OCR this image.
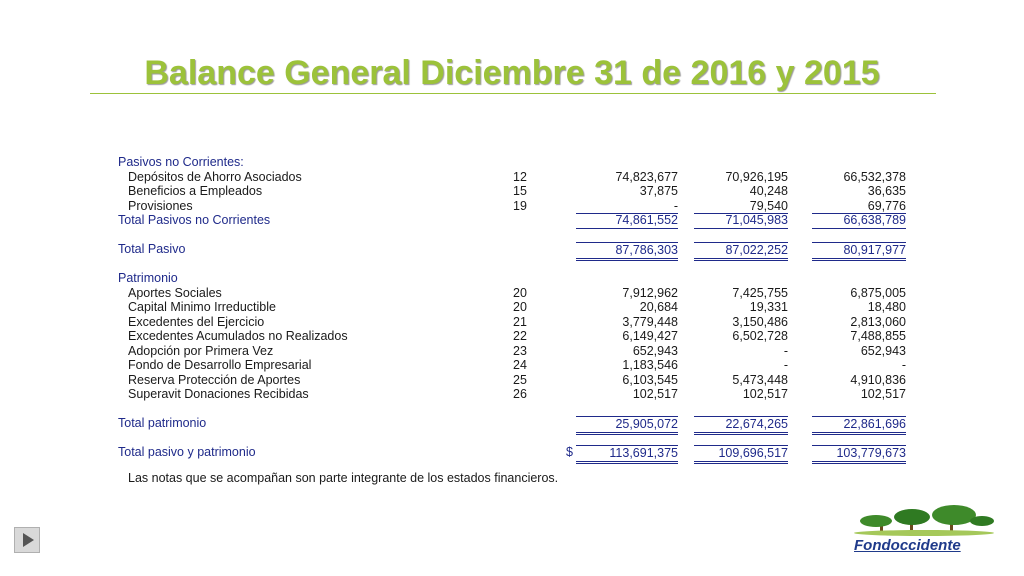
Balance General Diciembre 31 de 2016 y 2015
Pasivos no Corrientes:
Depósitos de Ahorro Asociados	12	74,823,677	70,926,195	66,532,378
Beneficios a Empleados	15	37,875	40,248	36,635
Provisiones	19	-	79,540	69,776
Total Pasivos no Corrientes	74,861,552	71,045,983	66,638,789
Total Pasivo	87,786,303	87,022,252	80,917,977
Patrimonio
Aportes Sociales	20	7,912,962	7,425,755	6,875,005
Capital Minimo Irreductible	20	20,684	19,331	18,480
Excedentes del Ejercicio	21	3,779,448	3,150,486	2,813,060
Excedentes Acumulados no Realizados	22	6,149,427	6,502,728	7,488,855
Adopción por Primera Vez	23	652,943	-	652,943
Fondo de Desarrollo Empresarial	24	1,183,546	-	-
Reserva Protección de Aportes	25	6,103,545	5,473,448	4,910,836
Superavit Donaciones Recibidas	26	102,517	102,517	102,517
Total patrimonio	25,905,072	22,674,265	22,861,696
Total pasivo y patrimonio	$	113,691,375	109,696,517	103,779,673
Las notas que se acompañan son parte integrante de los estados financieros.
Fondoccidente
